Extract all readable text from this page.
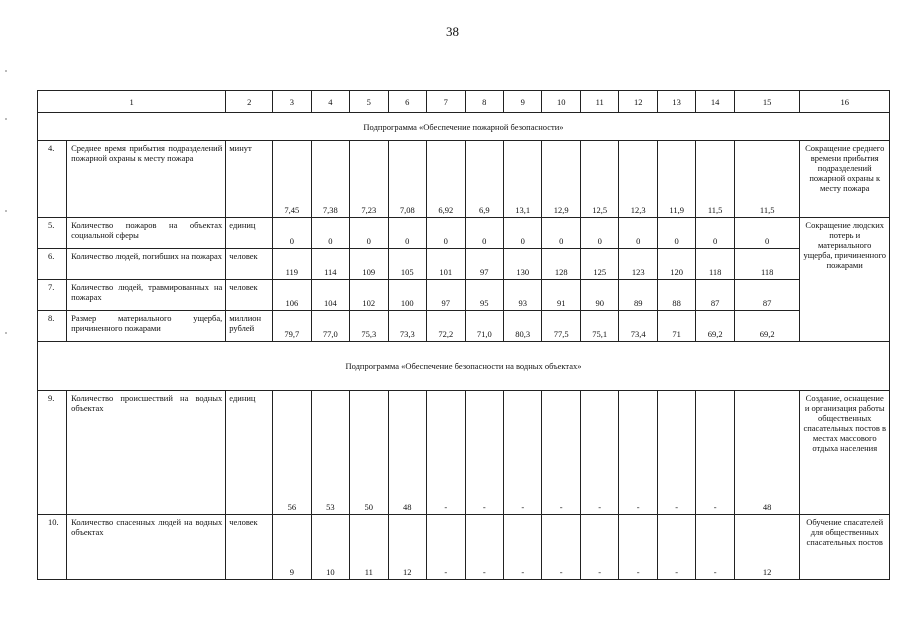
38
1		2	3	4	5	6	7	8	9	10	11	12	13	14	15	16
Подпрограмма «Обеспечение пожарной безопасности»																
4.	Среднее время прибытия подразделений пожарной охраны к месту пожара	минут	7,45	7,38	7,23	7,08	6,92	6,9	13,1	12,9	12,5	12,3	11,9	11,5	11,5	Сокращение среднего времени прибытия подразделений пожарной охраны к месту пожара
5.	Количество пожаров на объектах социальной сферы	единиц	0	0	0	0	0	0	0	0	0	0	0	0	0	Сокращение людских потерь и материального ущерба, причиненного пожарами
6.	Количество людей, погибших на пожарах	человек	119	114	109	105	101	97	130	128	125	123	120	118	118	
7.	Количество людей, травмированных на пожарах	человек	106	104	102	100	97	95	93	91	90	89	88	87	87	
8.	Размер материального ущерба, причиненного пожарами	миллион рублей	79,7	77,0	75,3	73,3	72,2	71,0	80,3	77,5	75,1	73,4	71	69,2	69,2	
Подпрограмма «Обеспечение безопасности на водных объектах»																
9.	Количество происшествий на водных объектах	единиц	56	53	50	48	-	-	-	-	-	-	-	-	48	Создание, оснащение и организация работы общественных спасательных постов в местах массового отдыха населения
10.	Количество спасенных людей на водных объектах	человек	9	10	11	12	-	-	-	-	-	-	-	-	12	Обучение спасателей для общественных спасательных постов
